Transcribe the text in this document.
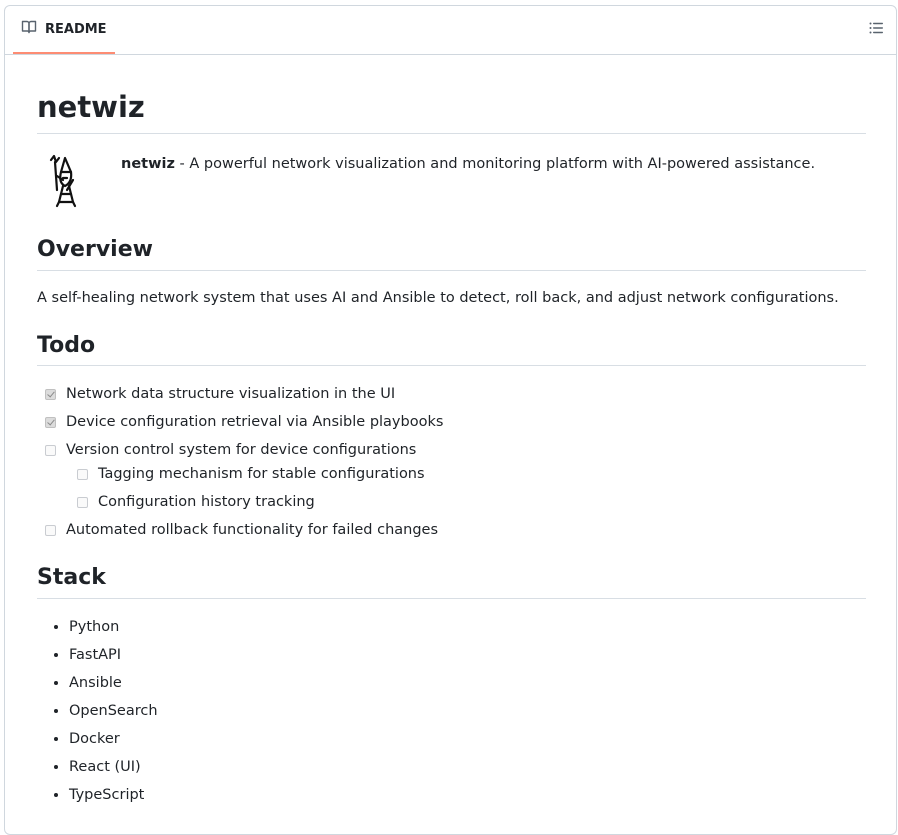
README
netwiz
netwiz - A powerful network visualization and monitoring platform with AI-powered assistance.
Overview

A self-healing network system that uses AI and Ansible to detect, roll back, and adjust network configurations.

Todo
Network data structure visualization in the UI
Device configuration retrieval via Ansible playbooks
Version control system for device configurations
Tagging mechanism for stable configurations
Configuration history tracking
Automated rollback functionality for failed changes
Stack
• Python
• FastAPI
• Ansible
• OpenSearch
• Docker
• React (UI)
• TypeScript
